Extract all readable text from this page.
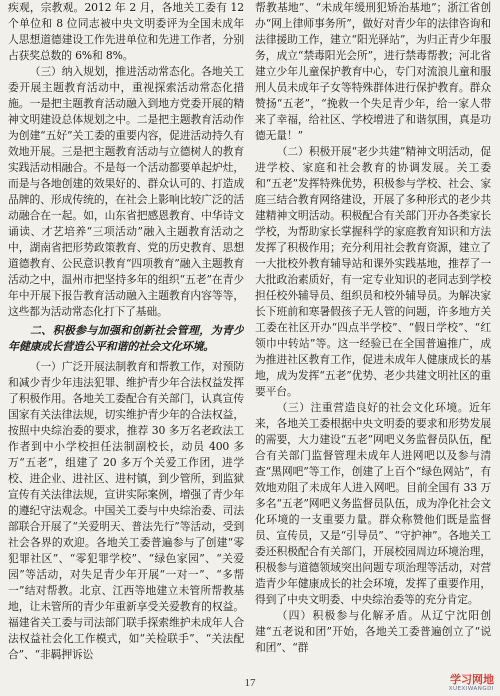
疾观，宗教观。2012 年 2 月，各地关工委有 12 个单位和 8 位同志被中央文明委评为全国未成年人思想道德建设工作先进单位和先进工作者，分别占获奖总数的 6%和 8%。

（三）纳入规划，推进活动常态化。各地关工委开展主题教育活动中，重视探索活动常态化措施。一是把主题教育活动融入到地方党委开展的精神文明建设总体规划之中。二是把主题教育活动作为创建“五好”关工委的重要内容，促进活动持久有效地开展。三是把主题教育活动与立德树人的教育实践活动相融合。不是每一个活动都要单起炉灶，而是与各地创建的效果好的、群众认可的、打造成品牌的、形成传统的，在社会上影响比较广泛的活动融合在一起。如，山东省把感恩教育、中华诗文诵读、才艺培养“三项活动”融入主题教育活动之中，湖南省把形势政策教育、党的历史教育、思想道德教育、公民意识教育“四项教育”融入主题教育活动之中，温州市把坚持多年的组织“五老”在青少年中开展下报告教育活动融入主题教育内容等等，这些都为活动常态化打下了基础。

二、积极参与加强和创新社会管理，为青少年健康成长营造公平和谐的社会文化环境。

（一）广泛开展法制教育和帮教工作，对预防和减少青少年违法犯罪、维护青少年合法权益发挥了积极作用。各地关工委配合有关部门，认真宣传国家有关法律法规，切实维护青少年的合法权益，按照中央综治委的要求，推荐 30 多万名老政法工作者到中小学校担任法制副校长，动员 400 多万“五老”，组建了 20 多万个关爱工作团，进学校、进企业、进社区、进村镇，到少管所，到监狱宣传有关法律法规，宣讲实际案例，增强了青少年的遵纪守法观念。中国关工委与中央综治委、司法部联合开展了“关爱明天、普法先行”等活动，受到社会各界的欢迎。各地关工委普遍参与了创建“零犯罪社区”、“零犯罪学校”、“绿色家园”、“关爱园”等活动，对失足青少年开展“一对一”、“多帮一”结对帮教。北京、江西等地建立未管所帮教基地，让未管所的青少年重新享受关爱教育的权益。福建省关工委与司法部门联手探索维护未成年人合法权益社会化工作模式，如“关检联手”、“关法配合”、“非羁押诉讼

帮教基地”、“未成年缓刑犯矫治基地”；浙江省创办“网上律师事务所”，做好对青少年的法律咨询和法律援助工作，建立“阳光驿站”，为归正青少年服务，成立“禁毒阳光会所”，进行禁毒帮教；河北省建立少年儿童保护教育中心，专门对流浪儿童和服刑人员未成年子女等特殊群体进行保护教育。群众赞扬“五老”，“挽救一个失足青少年，给一家人带来了幸福，给社区、学校增进了和谐氛围，真是功德无量！”

（二）积极开展“老少共建”精神文明活动，促进学校、家庭和社会教育的协调发展。关工委和“五老”发挥特殊优势，积极参与学校、社会、家庭三结合教育网络建设，开展了多种形式的老少共建精神文明活动。积极配合有关部门开办各类家长学校，为帮助家长掌握科学的家庭教育知识和方法发挥了积极作用；充分利用社会教育资源，建立了一大批校外教育辅导站和课外实践基地，推荐了一大批政治素质好，有一定专业知识的老同志到学校担任校外辅导员、组织员和校外辅导员。为解决家长下班前和寒暑假孩子无人管的问题，许多地方关工委在社区开办“四点半学校”、“假日学校”、“红领巾中转站”等。这一经验已在全国普遍推广，成为推进社区教育工作，促进未成年人健康成长的基地，成为发挥“五老”优势、老少共建文明社区的重要平台。

（三）注重营造良好的社会文化环境。近年来，各地关工委根据中央文明委的要求和形势发展的需要，大力建设“五老”网吧义务监督员队伍，配合有关部门监督管理未成年人进网吧以及参与清查“黑网吧”等工作，创建了上百个“绿色网站”，有效地劝阻了未成年人进入网吧。目前全国有 33 万多名“五老”网吧义务监督员队伍，成为净化社会文化环境的一支重要力量。群众称赞他们既是监督员、宣传员，又是“引导员”、“守护神”。各地关工委还积极配合有关部门，开展校园周边环境治理，积极参与道德领域突出问题专项治理等活动，对营造青少年健康成长的社会环境，发挥了重要作用，得到了中央文明委、中央综治委等的充分肯定。

（四）积极参与化解矛盾。从辽宁沈阳创建“五老说和团”开始，各地关工委普遍创立了“说和团”、“群

17	学习网地
XUEXIWANGDI
